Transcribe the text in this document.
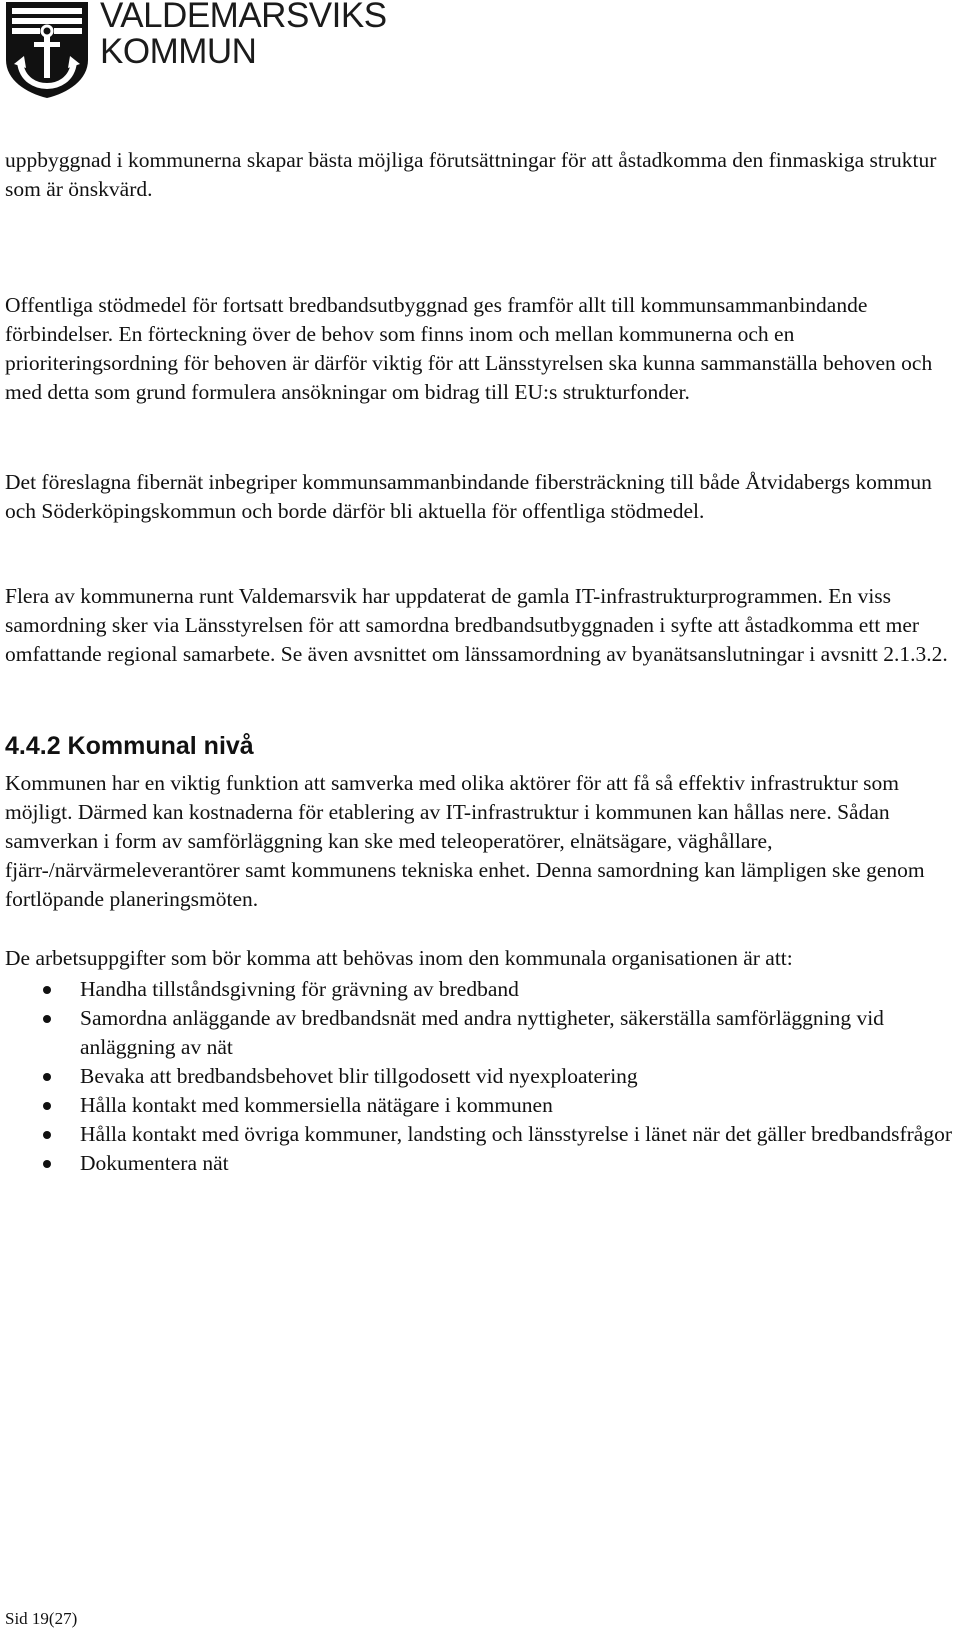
VALDEMARSVIKS
KOMMUN

uppbyggnad i kommunerna skapar bästa möjliga förutsättningar för att åstadkomma den finmaskiga struktur som är önskvärd.

Offentliga stödmedel för fortsatt bredbandsutbyggnad ges framför allt till kommunsammanbindande förbindelser. En förteckning över de behov som finns inom och mellan kommunerna och en prioriteringsordning för behoven är därför viktig för att Länsstyrelsen ska kunna sammanställa behoven och med detta som grund formulera ansökningar om bidrag till EU:s strukturfonder.

Det föreslagna fibernät inbegriper kommunsammanbindande fibersträckning till både Åtvidabergs kommun och Söderköpingskommun och borde därför bli aktuella för offentliga stödmedel.

Flera av kommunerna runt Valdemarsvik har uppdaterat de gamla IT-infrastrukturprogrammen. En viss samordning sker via Länsstyrelsen för att samordna bredbandsutbyggnaden i syfte att åstadkomma ett mer omfattande regional samarbete. Se även avsnittet om länssamordning av byanätsanslutningar i avsnitt 2.1.3.2.

4.4.2 Kommunal nivå

Kommunen har en viktig funktion att samverka med olika aktörer för att få så effektiv infrastruktur som möjligt. Därmed kan kostnaderna för etablering av IT-infrastruktur i kommunen kan hållas nere. Sådan samverkan i form av samförläggning kan ske med teleoperatörer, elnätsägare, väghållare, fjärr-/närvärmeleverantörer samt kommunens tekniska enhet. Denna samordning kan lämpligen ske genom fortlöpande planeringsmöten.

De arbetsuppgifter som bör komma att behövas inom den kommunala organisationen är att:

Handha tillståndsgivning för grävning av bredband
Samordna anläggande av bredbandsnät med andra nyttigheter, säkerställa samförläggning vid anläggning av nät
Bevaka att bredbandsbehovet blir tillgodosett vid nyexploatering
Hålla kontakt med kommersiella nätägare i kommunen
Hålla kontakt med övriga kommuner, landsting och länsstyrelse i länet när det gäller bredbandsfrågor
Dokumentera nät
Sid 19(27)
